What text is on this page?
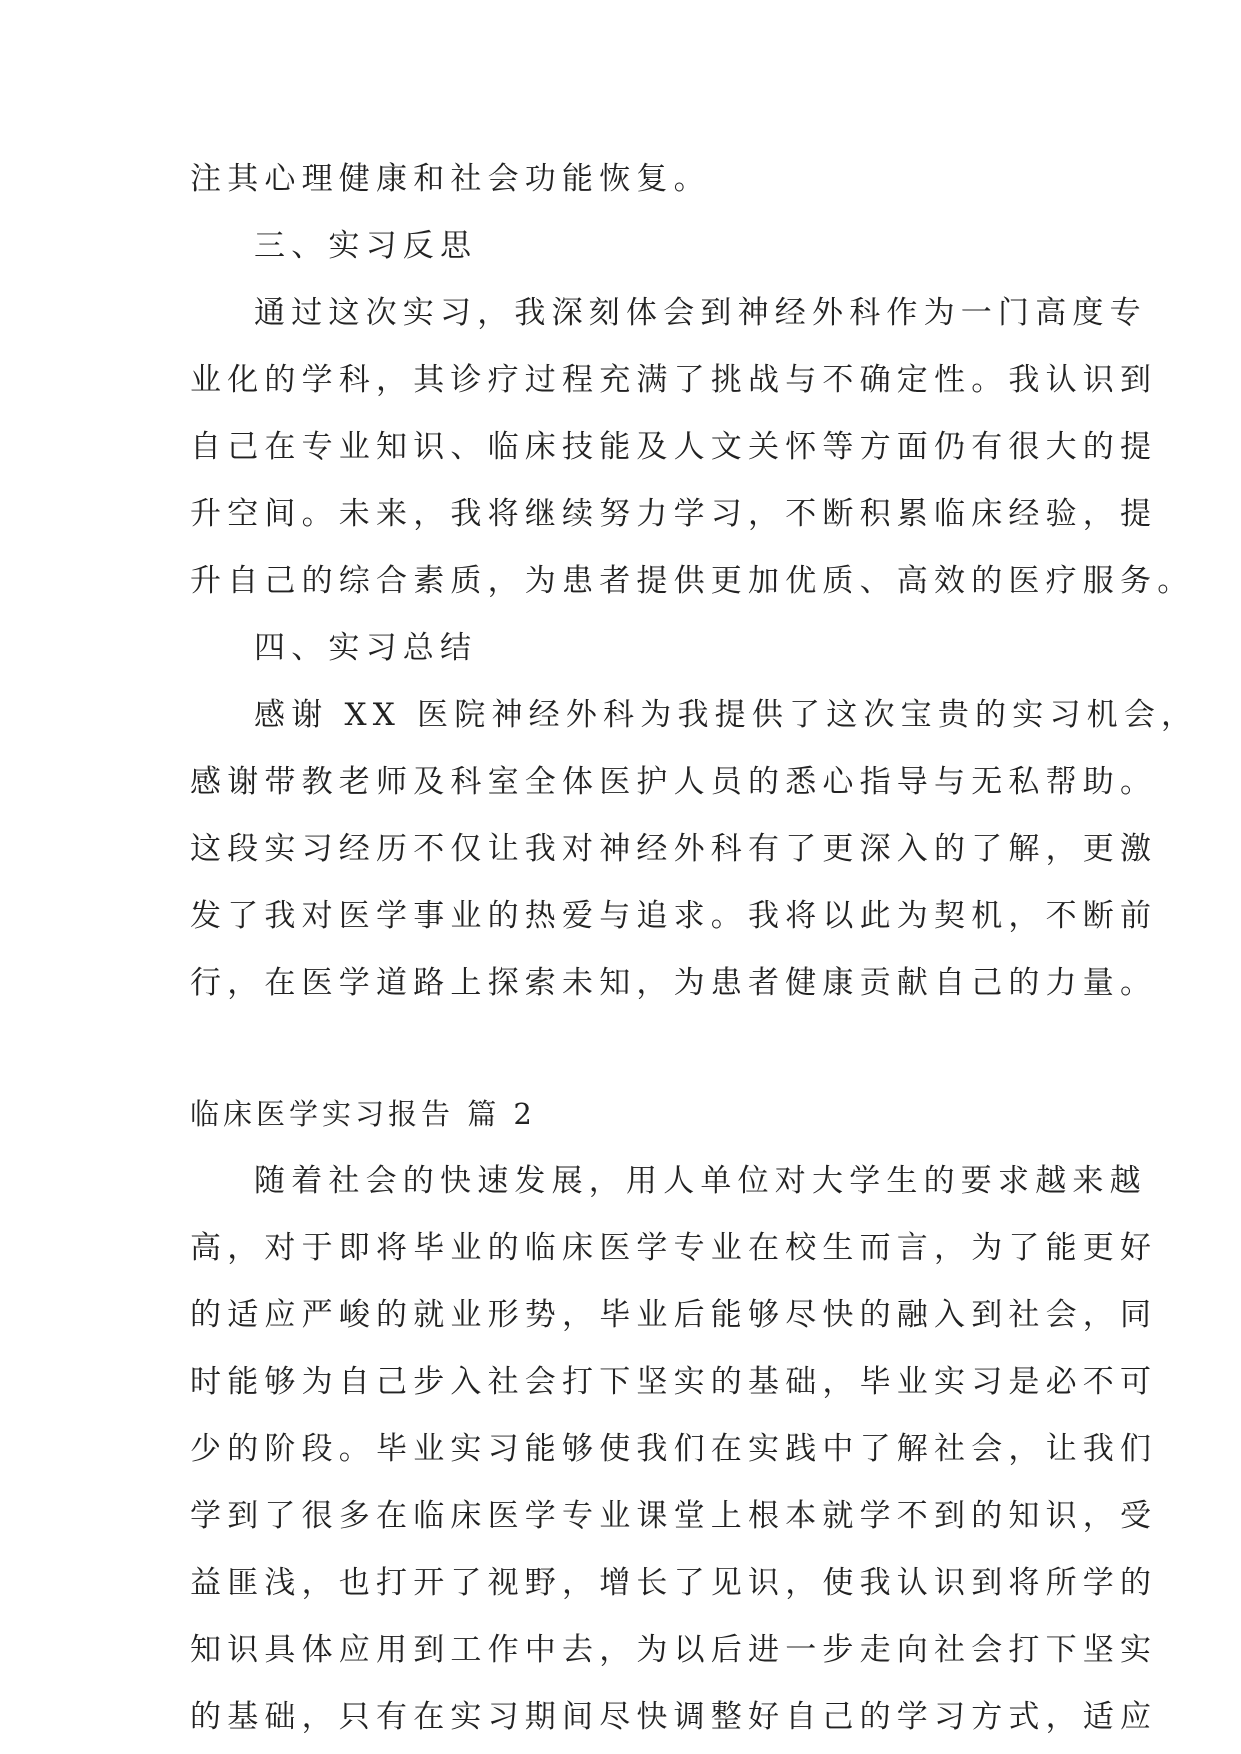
注其心理健康和社会功能恢复。
三、实习反思
通过这次实习，我深刻体会到神经外科作为一门高度专
业化的学科，其诊疗过程充满了挑战与不确定性。我认识到
自己在专业知识、临床技能及人文关怀等方面仍有很大的提
升空间。未来，我将继续努力学习，不断积累临床经验，提
升自己的综合素质，为患者提供更加优质、高效的医疗服务。
四、实习总结
感谢 XX 医院神经外科为我提供了这次宝贵的实习机会，
感谢带教老师及科室全体医护人员的悉心指导与无私帮助。
这段实习经历不仅让我对神经外科有了更深入的了解，更激
发了我对医学事业的热爱与追求。我将以此为契机，不断前
行，在医学道路上探索未知，为患者健康贡献自己的力量。
临床医学实习报告 篇 2
随着社会的快速发展，用人单位对大学生的要求越来越
高，对于即将毕业的临床医学专业在校生而言，为了能更好
的适应严峻的就业形势，毕业后能够尽快的融入到社会，同
时能够为自己步入社会打下坚实的基础，毕业实习是必不可
少的阶段。毕业实习能够使我们在实践中了解社会，让我们
学到了很多在临床医学专业课堂上根本就学不到的知识，受
益匪浅，也打开了视野，增长了见识，使我认识到将所学的
知识具体应用到工作中去，为以后进一步走向社会打下坚实
的基础，只有在实习期间尽快调整好自己的学习方式，适应
